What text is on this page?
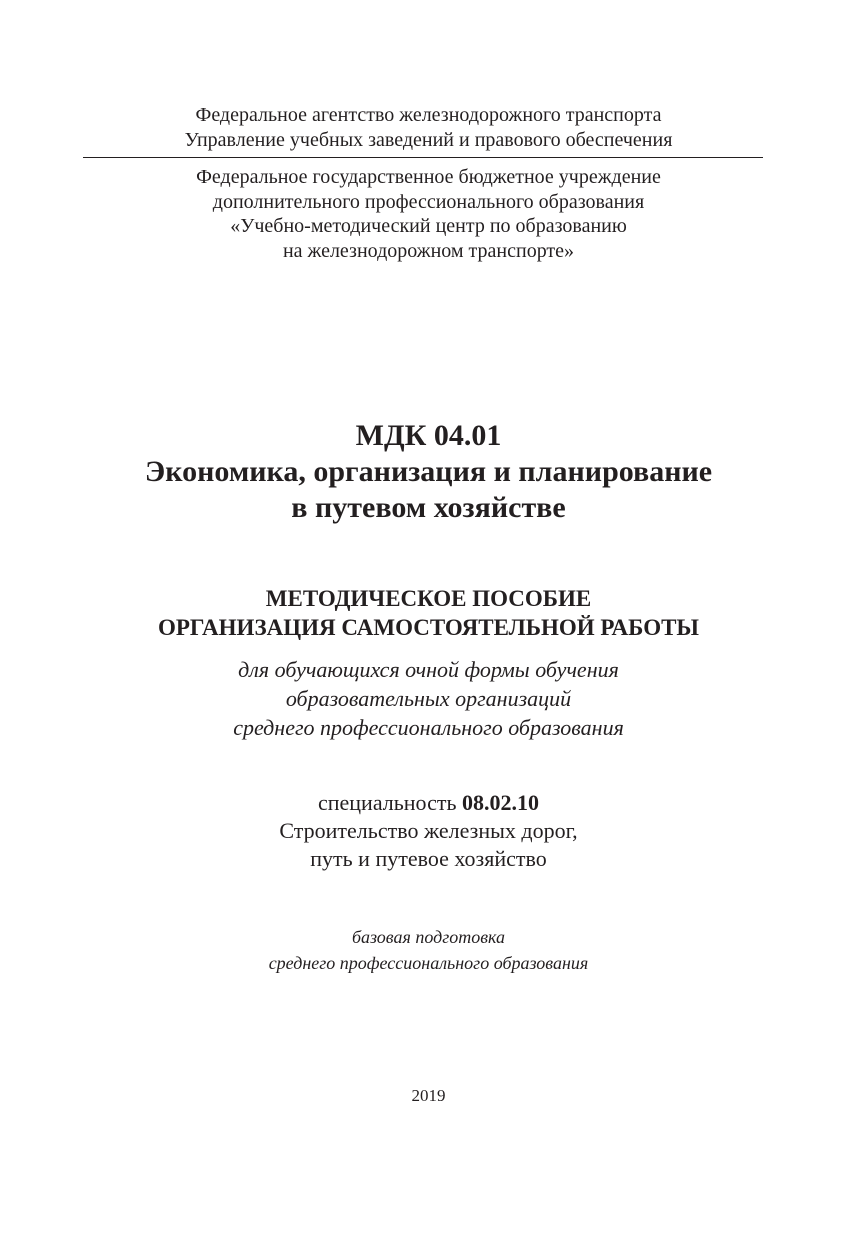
Федеральное агентство железнодорожного транспорта
Управление учебных заведений и правового обеспечения
Федеральное государственное бюджетное учреждение
дополнительного профессионального образования
«Учебно-методический центр по образованию
на железнодорожном транспорте»
МДК 04.01
Экономика, организация и планирование
в путевом хозяйстве
МЕТОДИЧЕСКОЕ ПОСОБИЕ
ОРГАНИЗАЦИЯ САМОСТОЯТЕЛЬНОЙ РАБОТЫ
для обучающихся очной формы обучения
образовательных организаций
среднего профессионального образования
специальность 08.02.10
Строительство железных дорог,
путь и путевое хозяйство
базовая подготовка
среднего профессионального образования
2019
